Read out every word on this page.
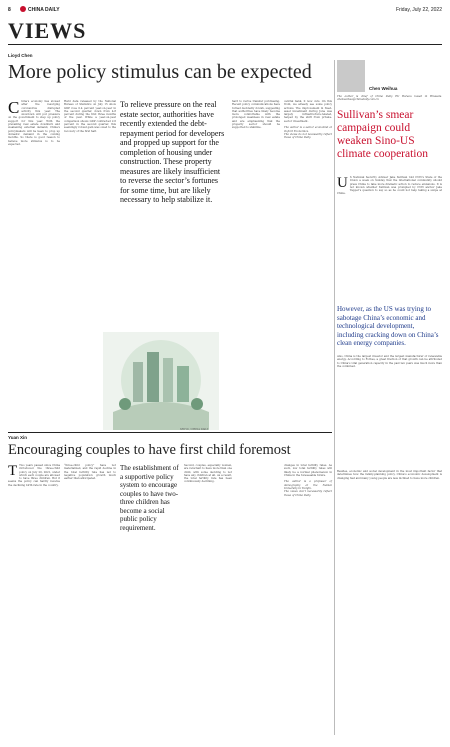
8	CHINA DAILY	Friday, July 22, 2022
VIEWS
Lioyd Chen
More policy stimulus can be expected
China’s economy has slowed after the resurging coronavirus disrupted activity this year. The slowdown will put pressure on the government to step up policy support for this year. With the prevailing real estate downturn and weakening external demand, China’s policymakers will be keen to prop up domestic demand in the coming months. So there is good reason to believe more stimulus is to be expected.
Hard data released by the National Bureau of Statistics on July 15 show GDP rose 0.4 percent year-on-year in the second quarter, down from 4.8 percent during the first three months of the year. While a year-on-year comparison shows GDP contracted 2.6 percent in the second quarter, this seemingly robust gain was owed to the recovery of the first half.
To relieve pressure on the real estate sector, authorities have recently extended the debt-repayment period for developers and propped up support for the completion of housing under construction. These property measures are likely insufficient to reverse the sector’s fortunes for some time, but are likely necessary to help stabilize it.
hard to revive transfer purchasing. Recent policy communications have turned decidedly dovish, suggesting that authorities have likely become more comfortable with the prolonged weakness in real estate and are emphasizing that the property sector should be supported to stabilize.
central bank, it now cuts. On this front, we already see some policy actions. The improvement in fixed-asset investment during June was largely infrastructure-related, helped by the shift from private-sector investment.

The author is a senior economist at Oxford Economics.
The views do not necessarily reflect those of China Daily.
SHI YU / CHINA DAILY
Yuan Xin
Encouraging couples to have first child foremost
T Two years passed since China introduced the three-child policy on July 20, 2021, under which each couple are allowed to have three children. But it seems the policy can hardly reverse the declining birth rate in the country.
“three-child policy” have not materialized, and the rapid decline in the total fertility rate has led to negative population growth much earlier than anticipated.
The establishment of a supportive policy system to encourage couples to have two-three children has become a social public policy requirement.
Second, couples, especially women, are reluctant to have more than one child, with some deciding to not have any children at all. As a result, the total fertility rate has been continuously declining.
changes in total fertility rates. As such, low total fertility rates will likely be a normal phenomenon in China in the foreseeable future.

The author is a professor of demography at the Nankai University in Tianjin.
The views don’t necessarily reflect those of China Daily.
Chen Weihua
The author is chief of China Daily EU Bureau based in Brussels. chenweihua@chinadaily.com.cn
Sullivan’s smear campaign could weaken Sino-US climate cooperation
U S National Security Adviser Jake Sullivan told CNN’s State of the Union a week on Sunday that the international community should press China to take more dramatic action to reduce emissions. It is not known whether Sullivan was prompted by CNN anchor Jake Tapper’s question to say so as he could not help taking a swipe at China.
However, as the US was trying to sabotage China’s economic and technological development, including cracking down on China’s clean energy companies.
Also, China is the largest investor and the largest manufacturer of renewable energy. According to Forbes, a great fraction of that growth can be attributed to China’s vital generation capacity in the past ten years was much more than the combined.
Besides, economic and social development in the most important factor that determines how the family-planning policy. China’s economic development is changing fast and many young people are less inclined to have more children.
